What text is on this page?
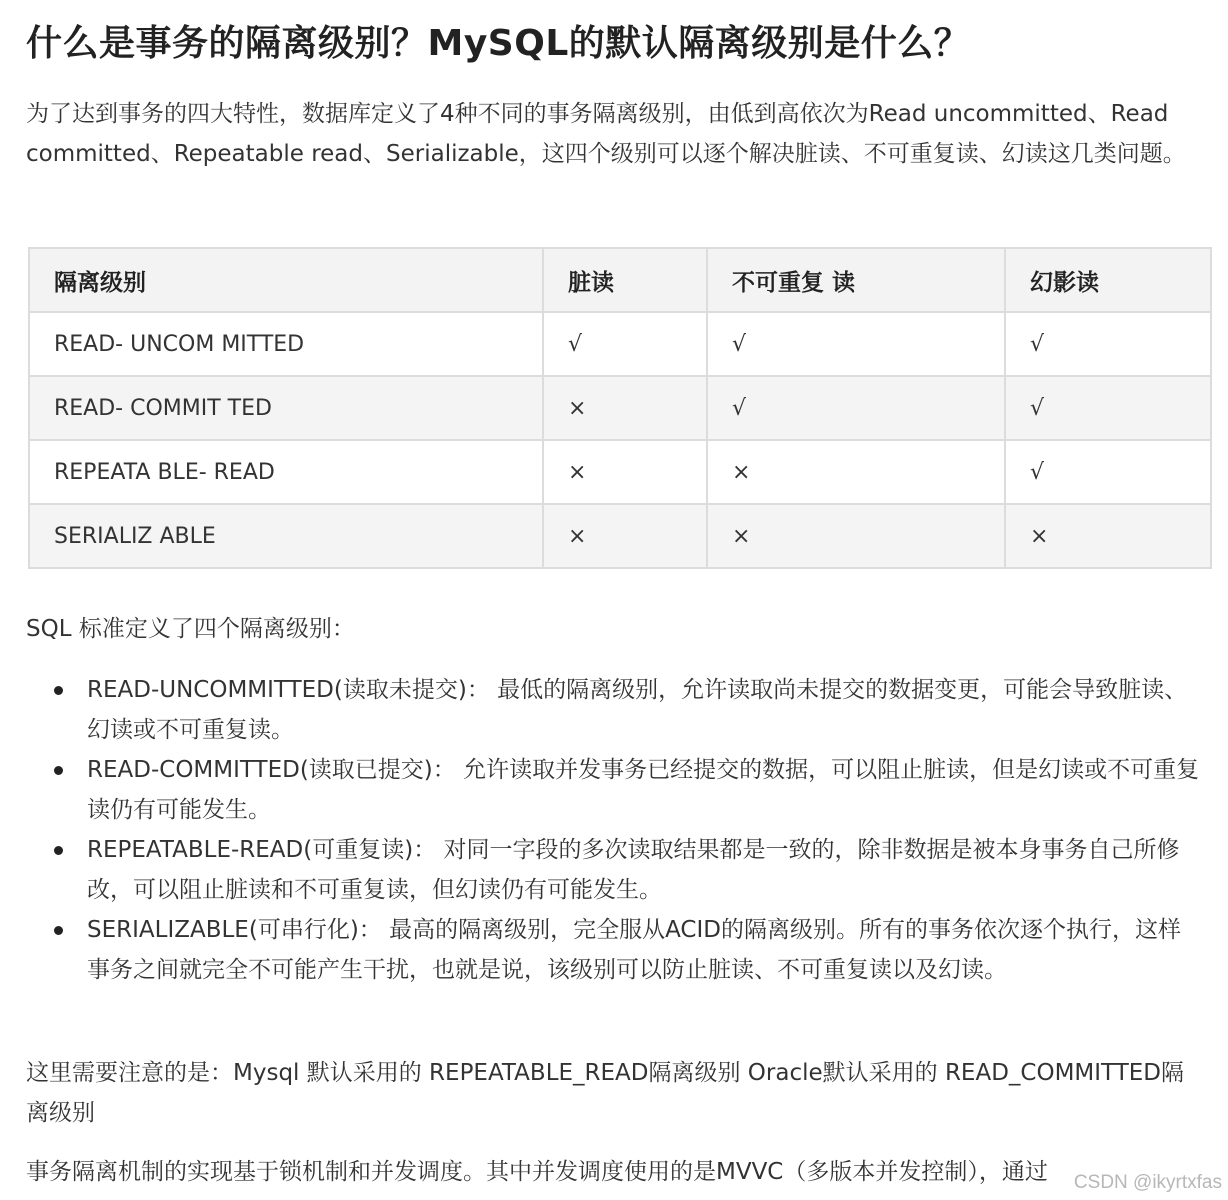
什么是事务的隔离级别？MySQL的默认隔离级别是什么？

为了达到事务的四大特性，数据库定义了4种不同的事务隔离级别，由低到高依次为Read uncommitted、Read committed、Repeatable read、Serializable，这四个级别可以逐个解决脏读、不可重复读、幻读这几类问题。

隔离级别	脏读	不可重复 读	幻影读
READ- UNCOM MITTED	√	√	√
READ- COMMIT TED	×	√	√
REPEATA BLE- READ	×	×	√
SERIALIZ ABLE	×	×	×

SQL 标准定义了四个隔离级别：

READ-UNCOMMITTED(读取未提交)： 最低的隔离级别，允许读取尚未提交的数据变更，可能会导致脏读、幻读或不可重复读。
READ-COMMITTED(读取已提交)： 允许读取并发事务已经提交的数据，可以阻止脏读，但是幻读或不可重复读仍有可能发生。
REPEATABLE-READ(可重复读)： 对同一字段的多次读取结果都是一致的，除非数据是被本身事务自己所修改，可以阻止脏读和不可重复读，但幻读仍有可能发生。
SERIALIZABLE(可串行化)： 最高的隔离级别，完全服从ACID的隔离级别。所有的事务依次逐个执行，这样事务之间就完全不可能产生干扰，也就是说，该级别可以防止脏读、不可重复读以及幻读。

这里需要注意的是：Mysql 默认采用的 REPEATABLE_READ隔离级别 Oracle默认采用的 READ_COMMITTED隔离级别

事务隔离机制的实现基于锁机制和并发调度。其中并发调度使用的是MVVC（多版本并发控制），通过	CSDN @ikyrtxfas
